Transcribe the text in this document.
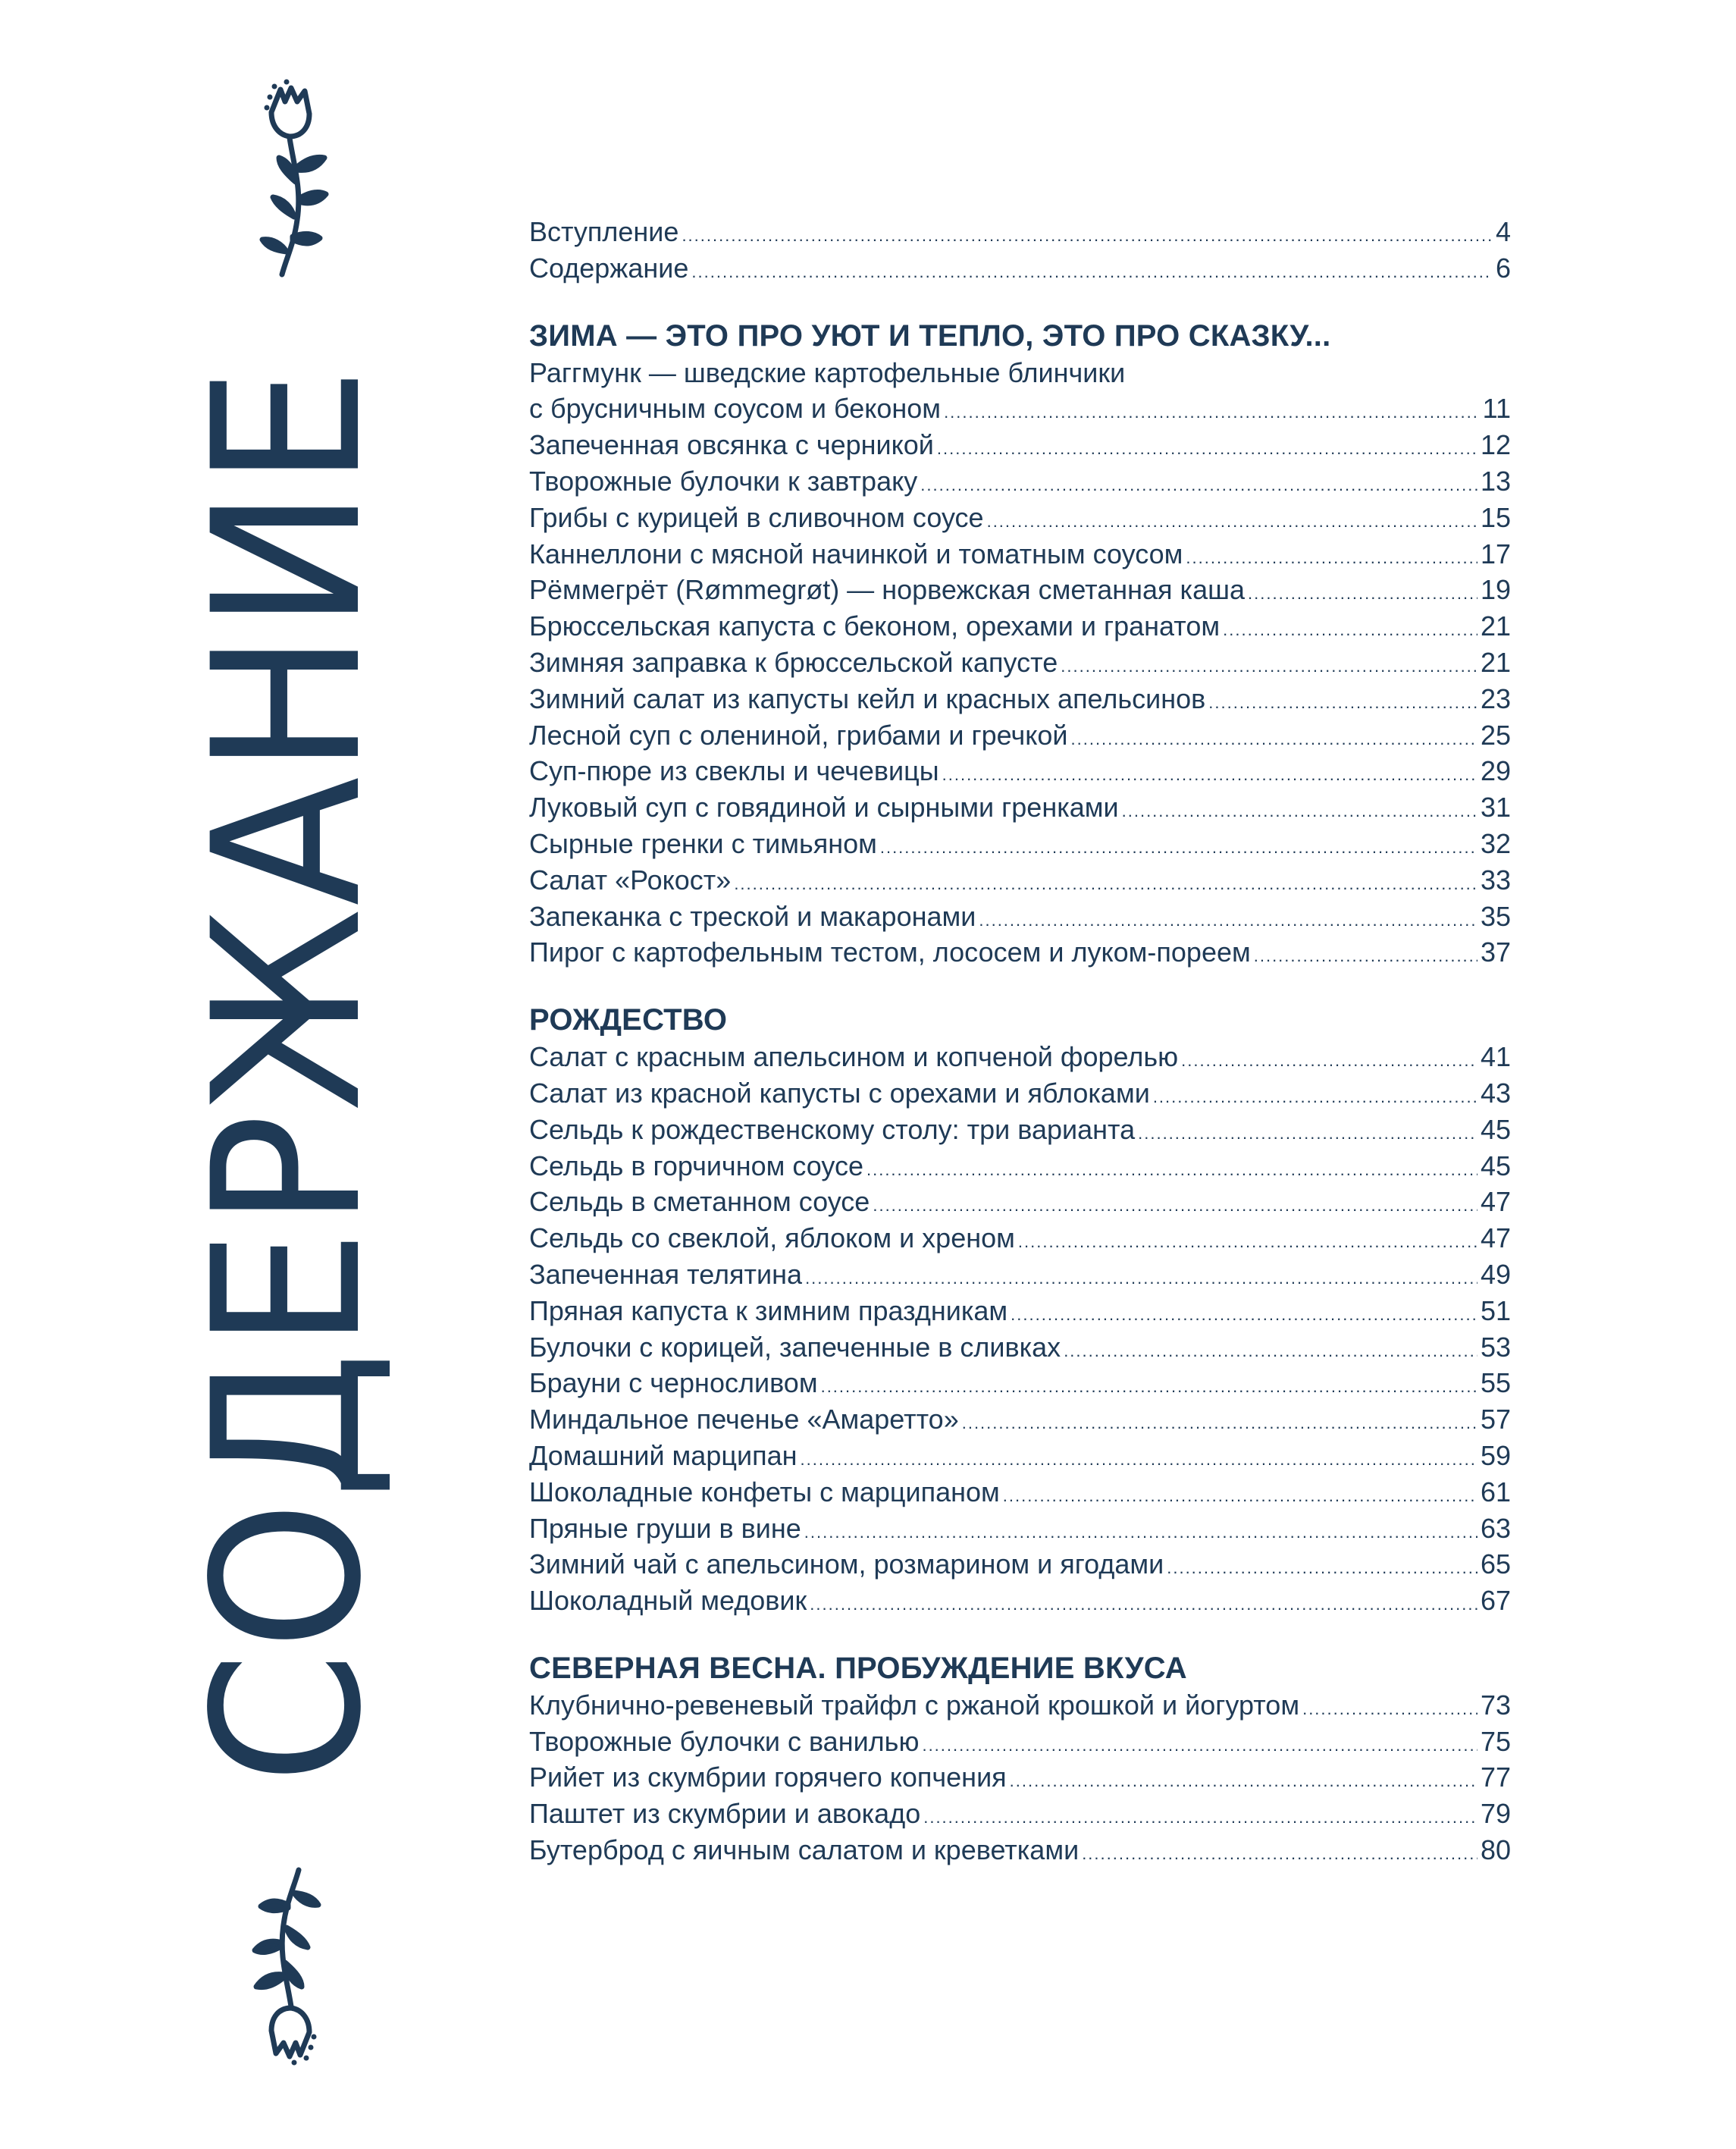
СОДЕРЖАНИЕ
Вступление .....	4
Содержание .....	6
ЗИМА — ЭТО ПРО УЮТ И ТЕПЛО, ЭТО ПРО СКАЗКУ...
Раггмунк — шведские картофельные блинчики
с брусничным соусом и беконом .....	11
Запеченная овсянка с черникой .....	12
Творожные булочки к завтраку .....	13
Грибы с курицей в сливочном соусе .....	15
Каннеллони с мясной начинкой и томатным соусом .....	17
Рёммегрёт (Rømmegrøt) — норвежская сметанная каша .....	19
Брюссельская капуста с беконом, орехами и гранатом .....	21
Зимняя заправка к брюссельской капусте .....	21
Зимний салат из капусты кейл и красных апельсинов .....	23
Лесной суп с олениной, грибами и гречкой .....	25
Суп-пюре из свеклы и чечевицы .....	29
Луковый суп с говядиной и сырными гренками .....	31
Сырные гренки с тимьяном .....	32
Салат «Рокост» .....	33
Запеканка с треской и макаронами .....	35
Пирог с картофельным тестом, лососем и луком-пореем .....	37
РОЖДЕСТВО
Салат с красным апельсином и копченой форелью .....	41
Салат из красной капусты с орехами и яблоками .....	43
Сельдь к рождественскому столу: три варианта .....	45
Сельдь в горчичном соусе .....	45
Сельдь в сметанном соусе .....	47
Сельдь со свеклой, яблоком и хреном .....	47
Запеченная телятина .....	49
Пряная капуста к зимним праздникам .....	51
Булочки с корицей, запеченные в сливках .....	53
Брауни с черносливом .....	55
Миндальное печенье «Амаретто» .....	57
Домашний марципан .....	59
Шоколадные конфеты с марципаном .....	61
Пряные груши в вине .....	63
Зимний чай с апельсином, розмарином и ягодами .....	65
Шоколадный медовик .....	67
СЕВЕРНАЯ ВЕСНА. ПРОБУЖДЕНИЕ ВКУСА
Клубнично-ревеневый трайфл с ржаной крошкой и йогуртом .....	73
Творожные булочки с ванилью .....	75
Рийет из скумбрии горячего копчения .....	77
Паштет из скумбрии и авокадо .....	79
Бутерброд с яичным салатом и креветками .....	80
